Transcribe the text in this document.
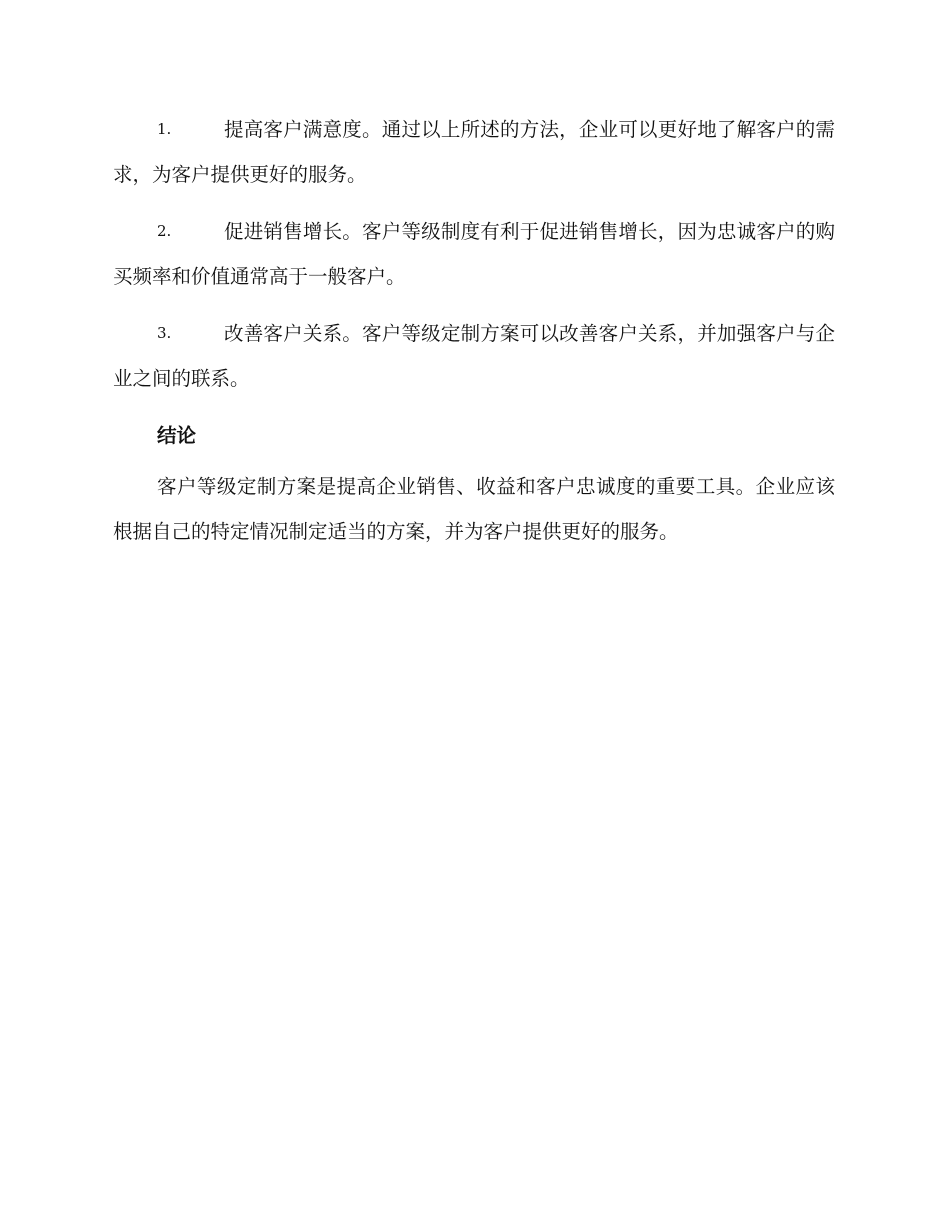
1.	提高客户满意度。通过以上所述的方法，企业可以更好地了解客户的需求，为客户提供更好的服务。
2.	促进销售增长。客户等级制度有利于促进销售增长，因为忠诚客户的购买频率和价值通常高于一般客户。
3.	改善客户关系。客户等级定制方案可以改善客户关系，并加强客户与企业之间的联系。
结论

客户等级定制方案是提高企业销售、收益和客户忠诚度的重要工具。企业应该根据自己的特定情况制定适当的方案，并为客户提供更好的服务。
